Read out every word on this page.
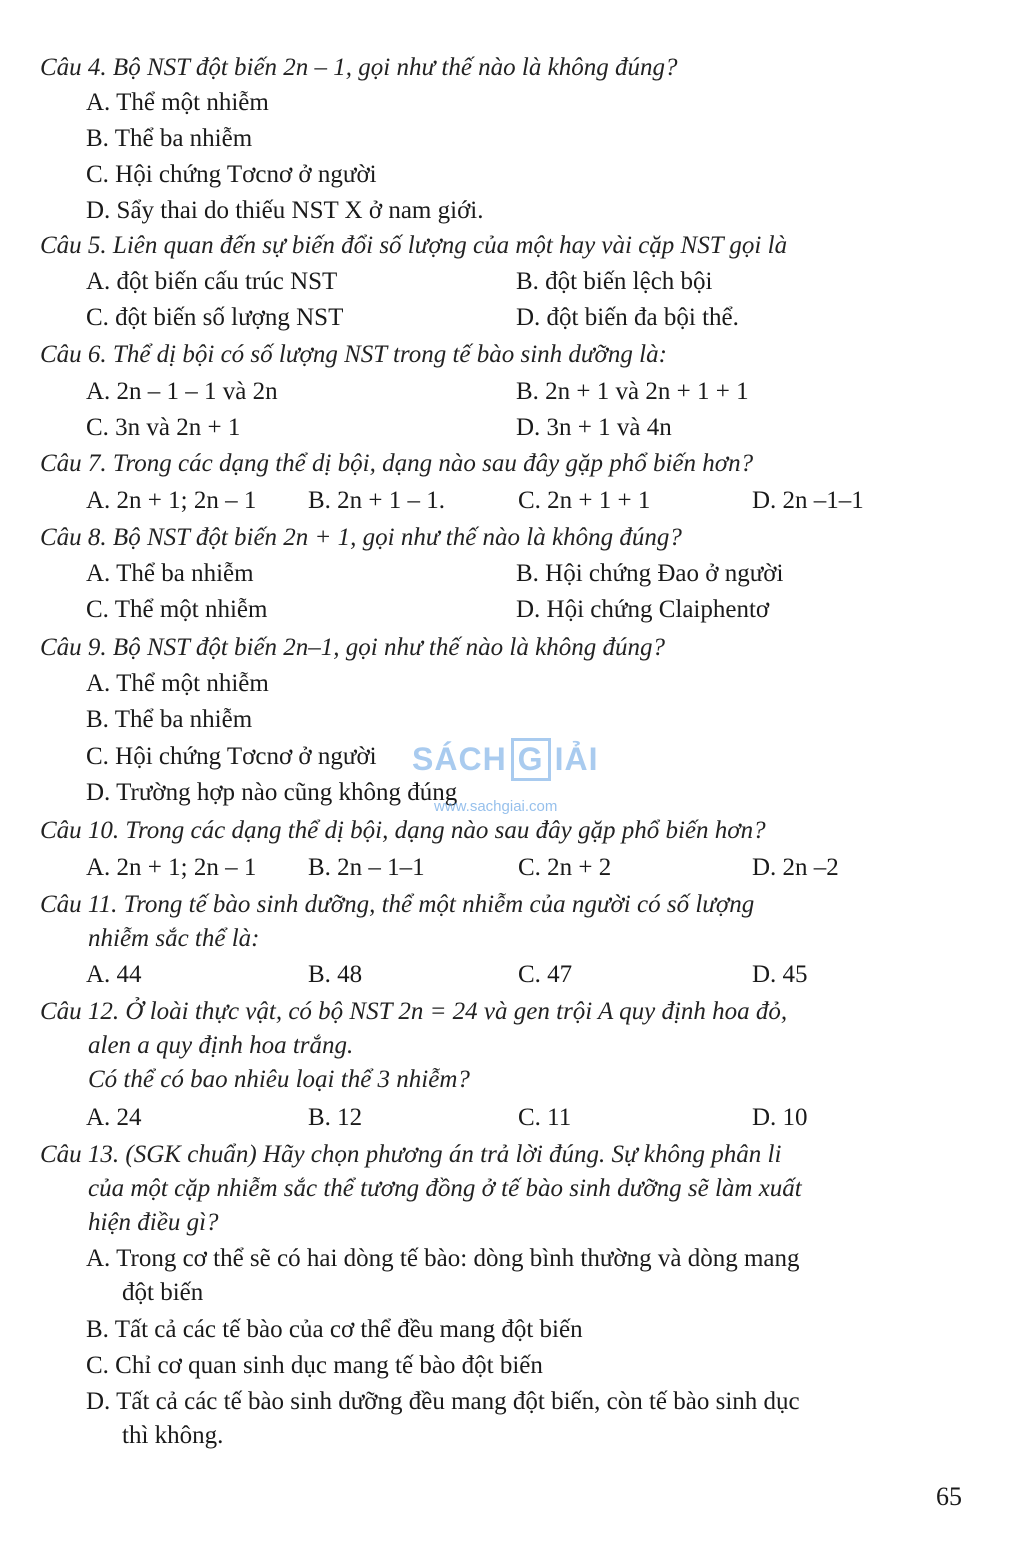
Câu 4. Bộ NST đột biến 2n – 1, gọi như thế nào là không đúng?
A. Thể một nhiễm
B. Thể ba nhiễm
C. Hội chứng Tơcnơ ở người
D. Sẩy thai do thiếu NST X ở nam giới.
Câu 5. Liên quan đến sự biến đổi số lượng của một hay vài cặp NST gọi là
A. đột biến cấu trúc NST	B. đột biến lệch bội
C. đột biến số lượng NST	D. đột biến đa bội thể.
Câu 6. Thể dị bội có số lượng NST trong tế bào sinh dưỡng là:
A. 2n – 1 – 1 và 2n	B. 2n + 1 và 2n + 1 + 1
C. 3n và 2n + 1	D. 3n + 1 và 4n
Câu 7. Trong các dạng thể dị bội, dạng nào sau đây gặp phổ biến hơn?
A. 2n + 1; 2n – 1 B. 2n + 1 – 1.	C. 2n + 1 + 1	D. 2n –1–1
Câu 8. Bộ NST đột biến 2n + 1, gọi như thế nào là không đúng?
A. Thể ba nhiễm	B. Hội chứng Đao ở người
C. Thể một nhiễm	D. Hội chứng Claiphentơ
Câu 9. Bộ NST đột biến 2n–1, gọi như thế nào là không đúng?
A. Thể một nhiễm
B. Thể ba nhiễm
C. Hội chứng Tơcnơ ở người
D. Trường hợp nào cũng không đúng
SÁCH G IẢI
www.sachgiai.com
Câu 10. Trong các dạng thể dị bội, dạng nào sau đây gặp phổ biến hơn?
A. 2n + 1; 2n – 1 B. 2n – 1–1	C. 2n + 2	D. 2n –2
Câu 11. Trong tế bào sinh dưỡng, thể một nhiễm của người có số lượng
nhiễm sắc thể là:
A. 44	B. 48	C. 47	D. 45
Câu 12. Ở loài thực vật, có bộ NST 2n = 24 và gen trội A quy định hoa đỏ,
alen a quy định hoa trắng.
Có thể có bao nhiêu loại thể 3 nhiễm?
A. 24	B. 12	C. 11	D. 10
Câu 13. (SGK chuẩn) Hãy chọn phương án trả lời đúng. Sự không phân li
của một cặp nhiễm sắc thể tương đồng ở tế bào sinh dưỡng sẽ làm xuất
hiện điều gì?
A. Trong cơ thể sẽ có hai dòng tế bào: dòng bình thường và dòng mang
đột biến
B. Tất cả các tế bào của cơ thể đều mang đột biến
C. Chỉ cơ quan sinh dục mang tế bào đột biến
D. Tất cả các tế bào sinh dưỡng đều mang đột biến, còn tế bào sinh dục
thì không.
65
